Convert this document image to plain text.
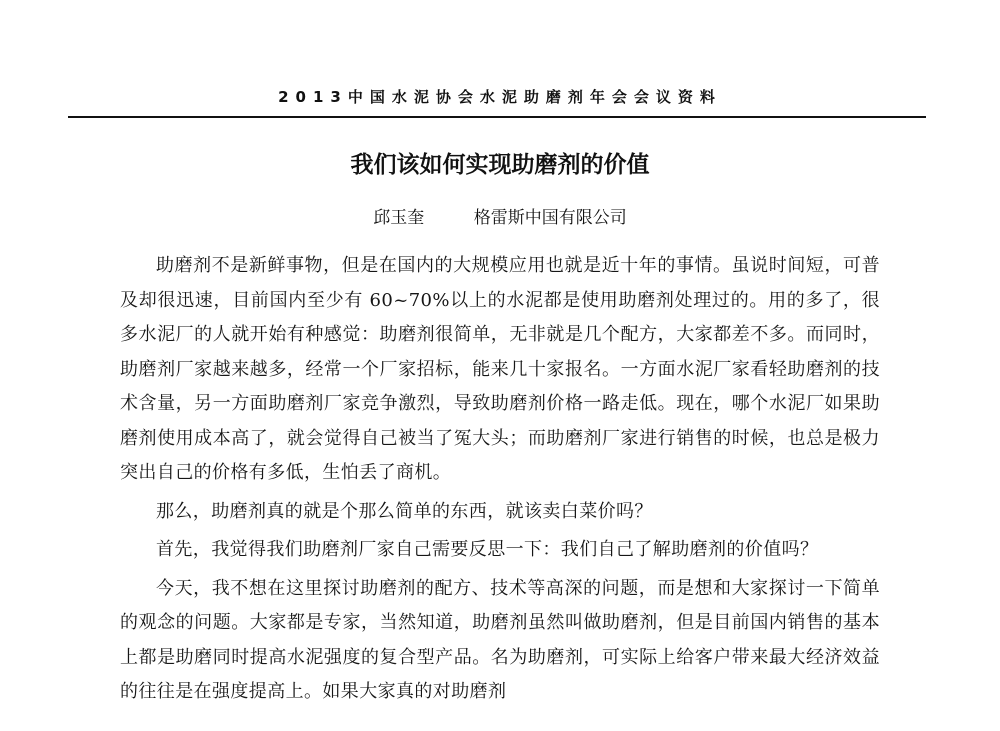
2013中国水泥协会水泥助磨剂年会会议资料
我们该如何实现助磨剂的价值
邱玉奎	格雷斯中国有限公司

助磨剂不是新鲜事物，但是在国内的大规模应用也就是近十年的事情。虽说时间短，可普及却很迅速，目前国内至少有 60~70%以上的水泥都是使用助磨剂处理过的。用的多了，很多水泥厂的人就开始有种感觉：助磨剂很简单，无非就是几个配方，大家都差不多。而同时，助磨剂厂家越来越多，经常一个厂家招标，能来几十家报名。一方面水泥厂家看轻助磨剂的技术含量，另一方面助磨剂厂家竞争激烈，导致助磨剂价格一路走低。现在，哪个水泥厂如果助磨剂使用成本高了，就会觉得自己被当了冤大头；而助磨剂厂家进行销售的时候，也总是极力突出自己的价格有多低，生怕丢了商机。

那么，助磨剂真的就是个那么简单的东西，就该卖白菜价吗？

首先，我觉得我们助磨剂厂家自己需要反思一下：我们自己了解助磨剂的价值吗？

今天，我不想在这里探讨助磨剂的配方、技术等高深的问题，而是想和大家探讨一下简单的观念的问题。大家都是专家，当然知道，助磨剂虽然叫做助磨剂，但是目前国内销售的基本上都是助磨同时提高水泥强度的复合型产品。名为助磨剂，可实际上给客户带来最大经济效益的往往是在强度提高上。如果大家真的对助磨剂
